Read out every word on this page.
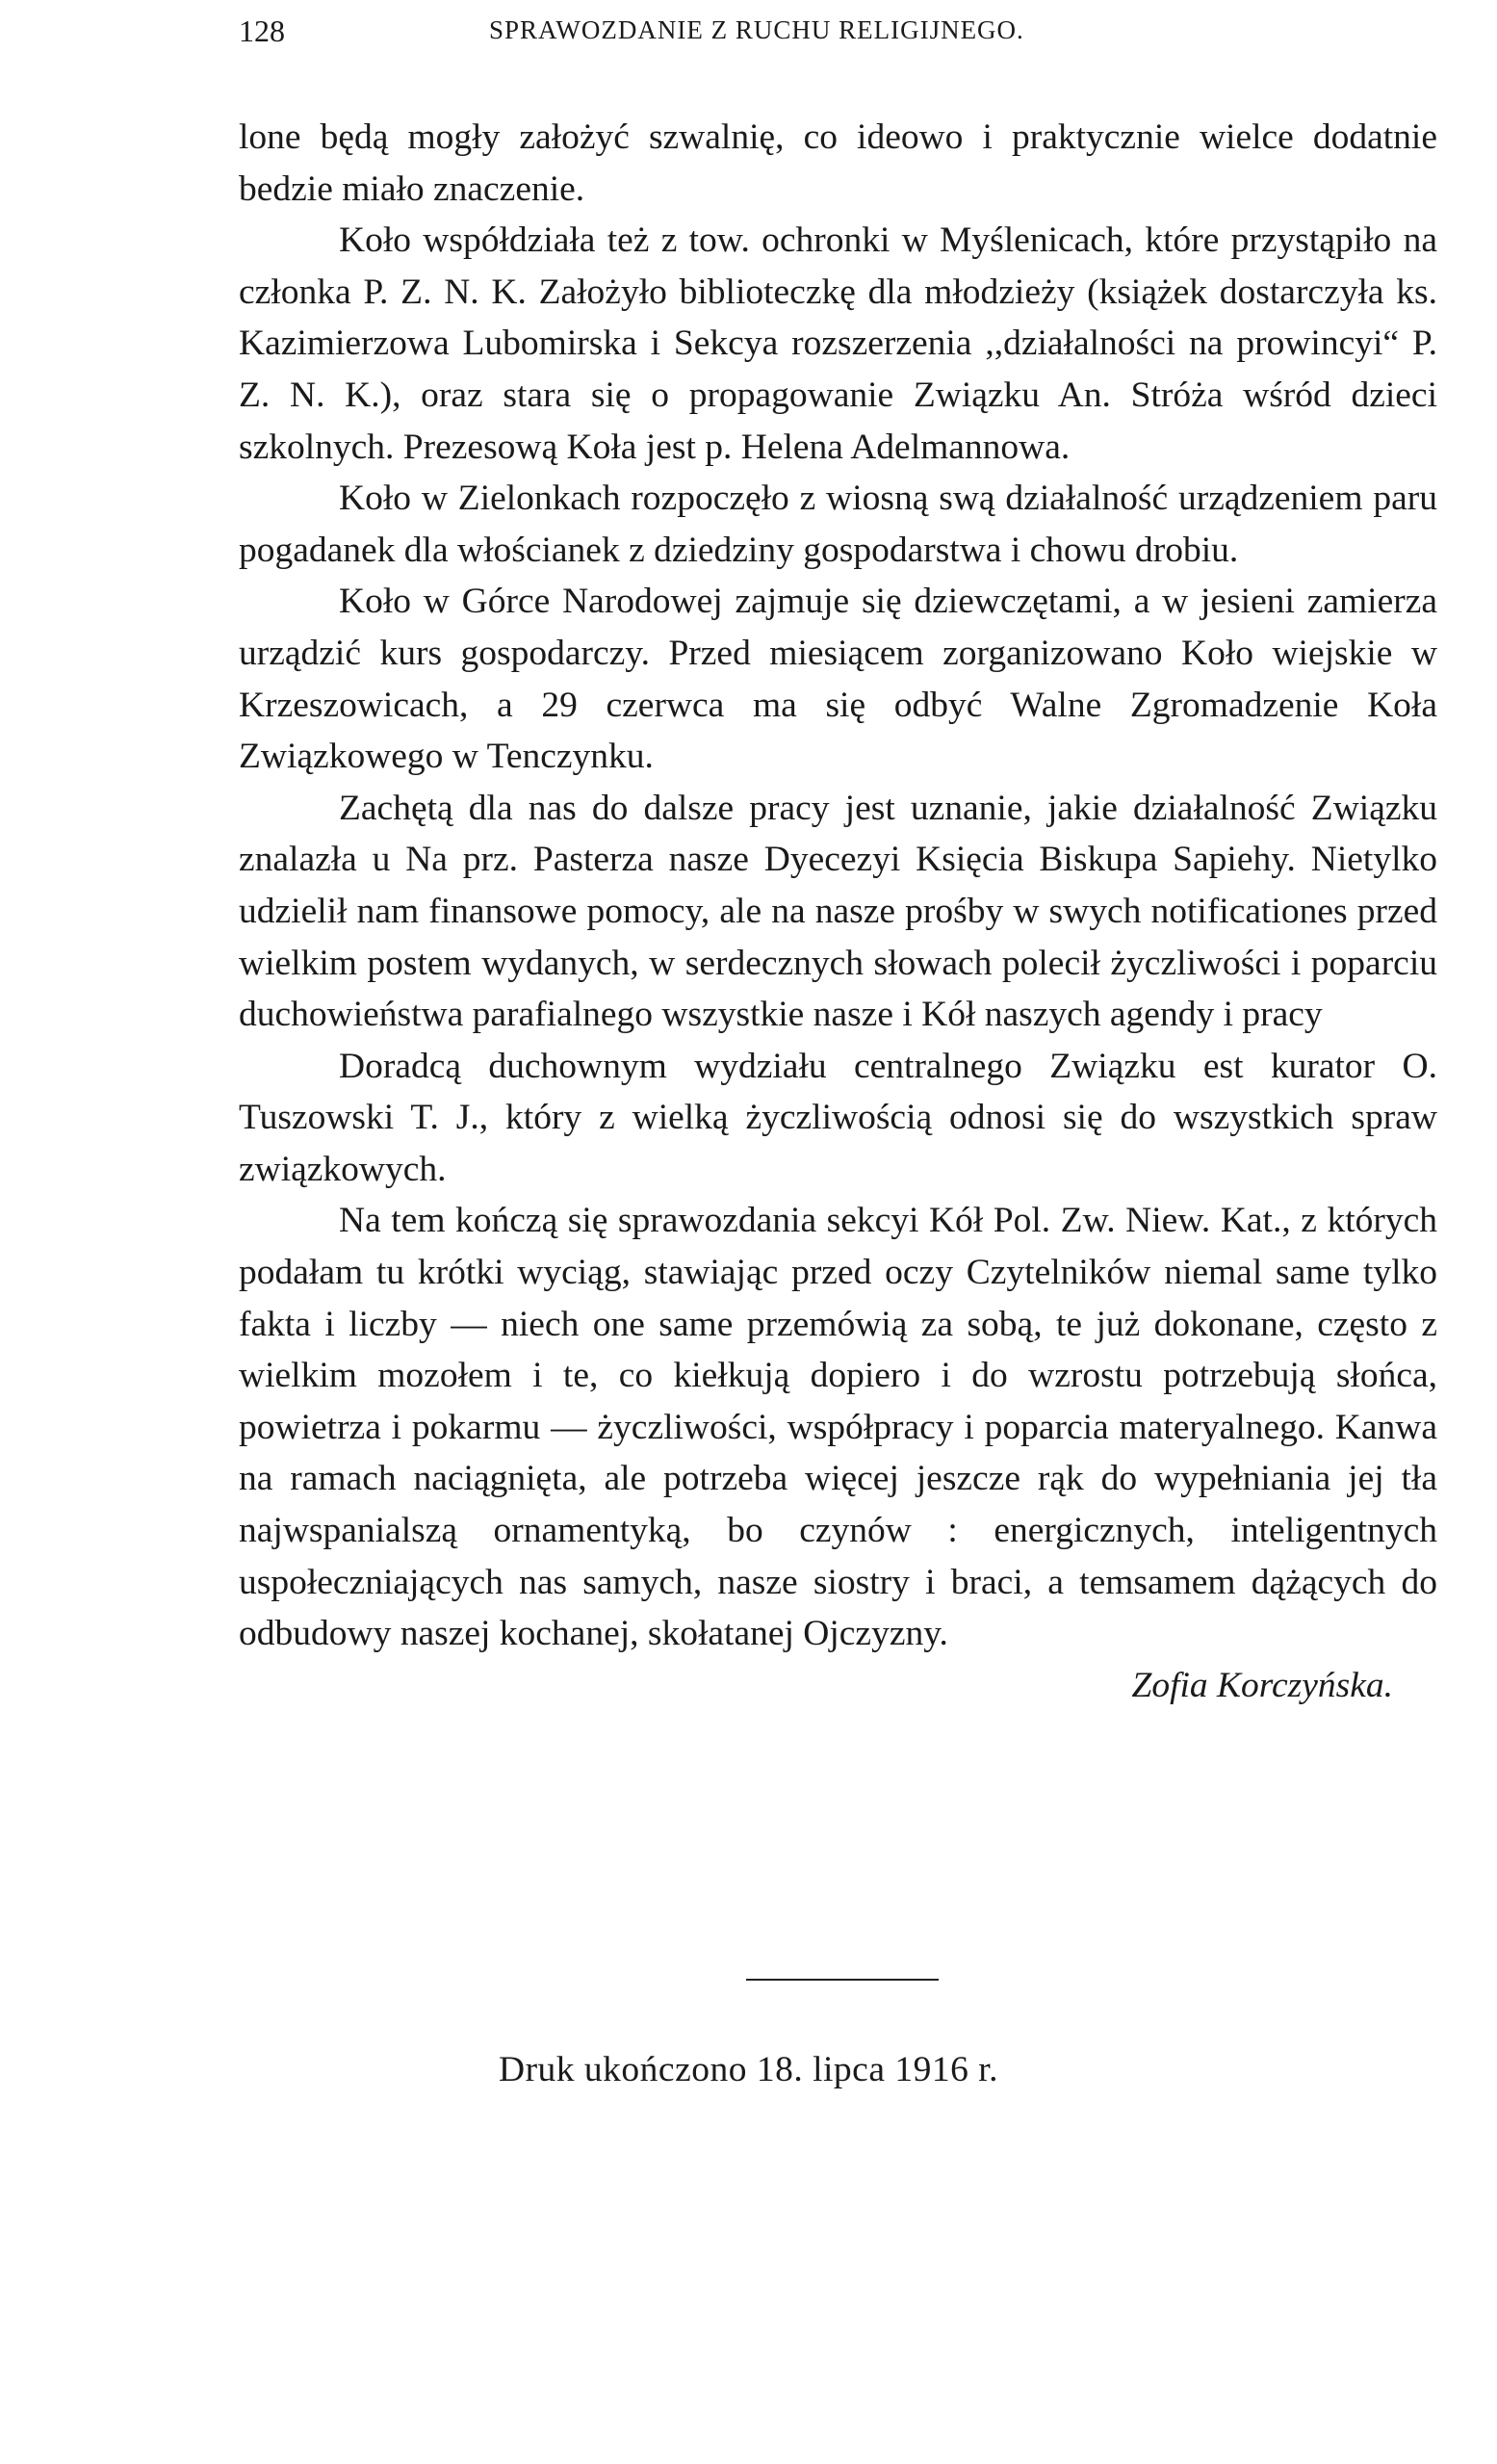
128	SPRAWOZDANIE Z RUCHU RELIGIJNEGO.

lone będą mogły założyć szwalnię, co ideowo i praktycznie wielce dodatnie bedzie miało znaczenie.

Koło współdziała też z tow. ochronki w Myślenicach, które przystąpiło na członka P. Z. N. K. Założyło biblioteczkę dla młodzieży (książek dostarczyła ks. Kazimierzowa Lubomirska i Sekcya rozszerzenia ,,działalności na prowincyi“ P. Z. N. K.), oraz stara się o propagowanie Związku An. Stróża wśród dzieci szkolnych. Prezesową Koła jest p. Helena Adelmannowa.

Koło w Zielonkach rozpoczęło z wiosną swą działalność urządzeniem paru pogadanek dla włościanek z dziedziny gospodarstwa i chowu drobiu.

Koło w Górce Narodowej zajmuje się dziewczętami, a w jesieni zamierza urządzić kurs gospodarczy. Przed miesiącem zorganizowano Koło wiejskie w Krzeszowicach, a 29 czerwca ma się odbyć Walne Zgromadzenie Koła Związkowego w Tenczynku.

Zachętą dla nas do dalsze pracy jest uznanie, jakie działalność Związku znalazła u Na prz. Pasterza nasze Dyecezyi Księcia Biskupa Sapiehy. Nietylko udzielił nam finansowe pomocy, ale na nasze prośby w swych notificationes przed wielkim postem wydanych, w serdecznych słowach polecił życzliwości i poparciu duchowieństwa parafialnego wszystkie nasze i Kół naszych agendy i pracy

Doradcą duchownym wydziału centralnego Związku est kurator O. Tuszowski T. J., który z wielką życzliwością odnosi się do wszystkich spraw związkowych.

Na tem kończą się sprawozdania sekcyi Kół Pol. Zw. Niew. Kat., z których podałam tu krótki wyciąg, stawiając przed oczy Czytelników niemal same tylko fakta i liczby — niech one same przemówią za sobą, te już dokonane, często z wielkim mozołem i te, co kiełkują dopiero i do wzrostu potrzebują słońca, powietrza i pokarmu — życzliwości, współpracy i poparcia materyalnego. Kanwa na ramach naciągnięta, ale potrzeba więcej jeszcze rąk do wypełniania jej tła najwspanialszą ornamentyką, bo czynów : energicznych, inteligentnych uspołeczniających nas samych, nasze siostry i braci, a temsamem dążących do odbudowy naszej kochanej, skołatanej Ojczyzny.

Zofia Korczyńska.

Druk ukończono 18. lipca 1916 r.
